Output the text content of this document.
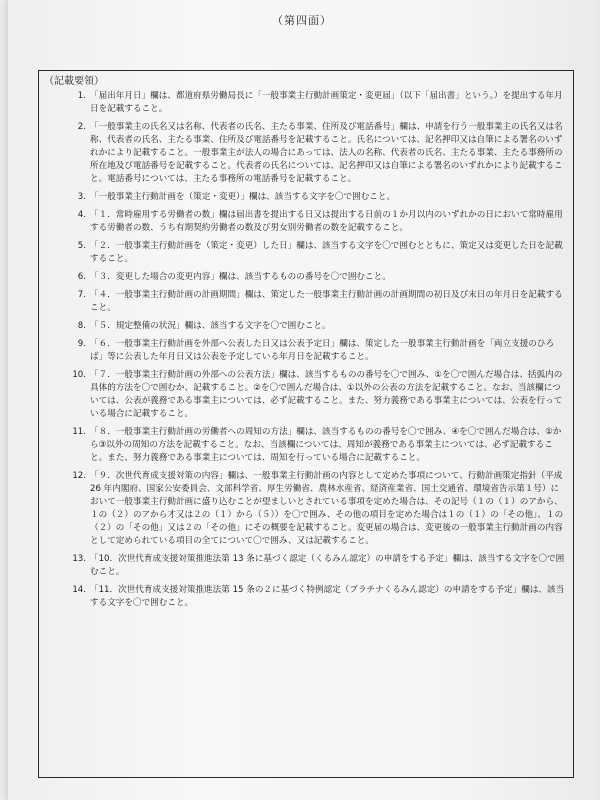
（第四面）
（記載要領）
1. 「届出年月日」欄は、都道府県労働局長に「一般事業主行動計画策定・変更届」（以下「届出書」という。）を提出する年月日を記載すること。
2. 「一般事業主の氏名又は名称、代表者の氏名、主たる事業、住所及び電話番号」欄は、申請を行う一般事業主の氏名又は名称、代表者の氏名、主たる事業、住所及び電話番号を記載すること。氏名については、記名押印又は自筆による署名のいずれかにより記載すること。一般事業主が法人の場合にあっては、法人の名称、代表者の氏名、主たる事業、主たる事務所の所在地及び電話番号を記載すること。代表者の氏名については、記名押印又は自筆による署名のいずれかにより記載すること。電話番号については、主たる事務所の電話番号を記載すること。
3. 「一般事業主行動計画を（策定・変更）」欄は、該当する文字を〇で囲むこと。
4. 「１．常時雇用する労働者の数」欄は届出書を提出する日又は提出する日前の１か月以内のいずれかの日において常時雇用する労働者の数、うち有期契約労働者の数及び男女別労働者の数を記載すること。
5. 「２．一般事業主行動計画を（策定・変更）した日」欄は、該当する文字を〇で囲むとともに、策定又は変更した日を記載すること。
6. 「３．変更した場合の変更内容」欄は、該当するものの番号を〇で囲むこと。
7. 「４．一般事業主行動計画の計画期間」欄は、策定した一般事業主行動計画の計画期間の初日及び末日の年月日を記載すること。
8. 「５．規定整備の状況」欄は、該当する文字を〇で囲むこと。
9. 「６．一般事業主行動計画を外部へ公表した日又は公表予定日」欄は、策定した一般事業主行動計画を「両立支援のひろば」等に公表した年月日又は公表を予定している年月日を記載すること。
10. 「７．一般事業主行動計画の外部への公表方法」欄は、該当するものの番号を〇で囲み、①を〇で囲んだ場合は、括弧内の具体的方法を〇で囲むか、記載すること。②を〇で囲んだ場合は、①以外の公表の方法を記載すること。なお、当該欄については、公表が義務である事業主については、必ず記載すること。また、努力義務である事業主については、公表を行っている場合に記載すること。
11. 「８．一般事業主行動計画の労働者への周知の方法」欄は、該当するものの番号を〇で囲み、④を〇で囲んだ場合は、①から③以外の周知の方法を記載すること。なお、当該欄については、周知が義務である事業主については、必ず記載すること。また、努力義務である事業主については、周知を行っている場合に記載すること。
12. 「９．次世代育成支援対策の内容」欄は、一般事業主行動計画の内容として定めた事項について、行動計画策定指針（平成 26 年内閣府、国家公安委員会、文部科学省、厚生労働省、農林水産省、経済産業省、国土交通省、環境省告示第１号）において一般事業主行動計画に盛り込むことが望ましいとされている事項を定めた場合は、その記号（１の（１）のアから、１の（２）のアから才又は２の（１）から（５））を〇で囲み、その他の項目を定めた場合は１の（１）の「その他」、１の（２）の「その他」又は２の「その他」にその概要を記載すること。変更届の場合は、変更後の一般事業主行動計画の内容として定められている項目の全てについて〇で囲み、又は記載すること。
13. 「10．次世代育成支援対策推進法第 13 条に基づく認定（くるみん認定）の申請をする予定」欄は、該当する文字を〇で囲むこと。
14. 「11．次世代育成支援対策推進法第 15 条の２に基づく特例認定（プラチナくるみん認定）の申請をする予定」欄は、該当する文字を〇で囲むこと。
